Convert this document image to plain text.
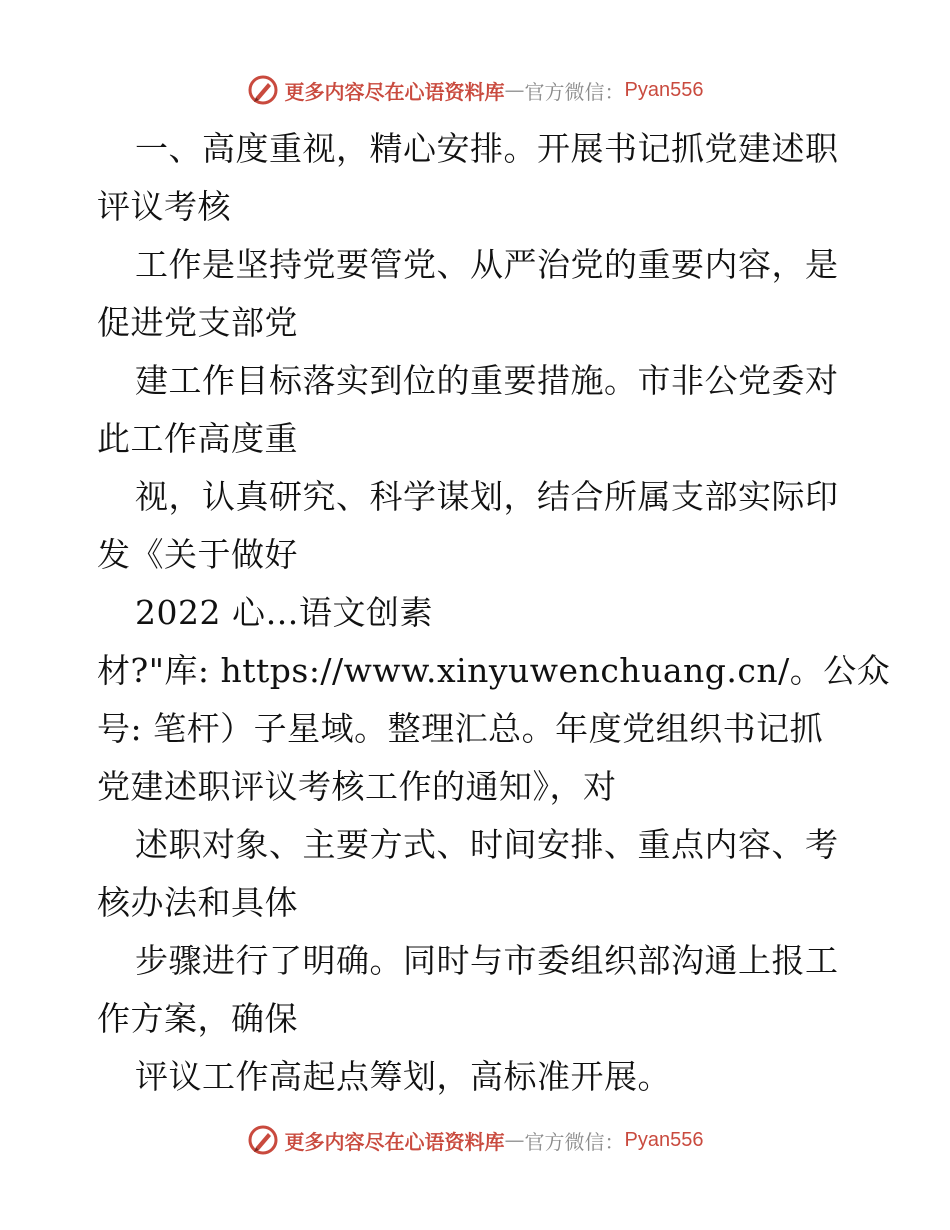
更多内容尽在心语资料库 — 官方微信： Pyan556
一、高度重视，精心安排。开展书记抓党建述职
评议考核
工作是坚持党要管党、从严治党的重要内容，是
促进党支部党
建工作目标落实到位的重要措施。市非公党委对
此工作高度重
视，认真研究、科学谋划，结合所属支部实际印
发《关于做好
2022 心…语文创素
材?"库: https://www.xinyuwenchuang.cn/。公众
号: 笔杆）子星域。整理汇总。年度党组织书记抓
党建述职评议考核工作的通知》，对
述职对象、主要方式、时间安排、重点内容、考
核办法和具体
步骤进行了明确。同时与市委组织部沟通上报工
作方案，确保
评议工作高起点筹划，高标准开展。
更多内容尽在心语资料库 — 官方微信： Pyan556
